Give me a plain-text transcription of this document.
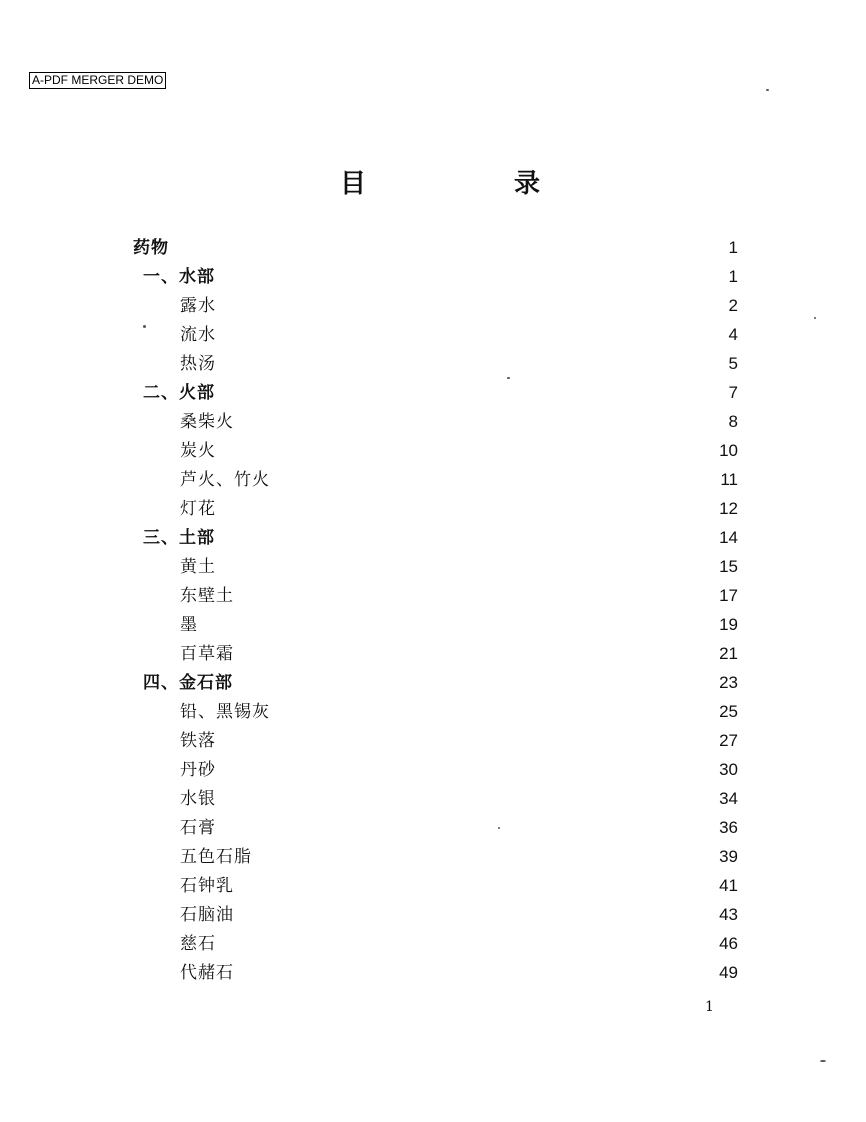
A-PDF MERGER DEMO
目	录
药物	1
一、水部	1
露水	2
流水	4
热汤	5
二、火部	7
桑柴火	8
炭火	10
芦火、竹火	11
灯花	12
三、土部	14
黄土	15
东壁土	17
墨	19
百草霜	21
四、金石部	23
铅、黑锡灰	25
铁落	27
丹砂	30
水银	34
石膏	36
五色石脂	39
石钟乳	41
石脑油	43
慈石	46
代赭石	49
1
